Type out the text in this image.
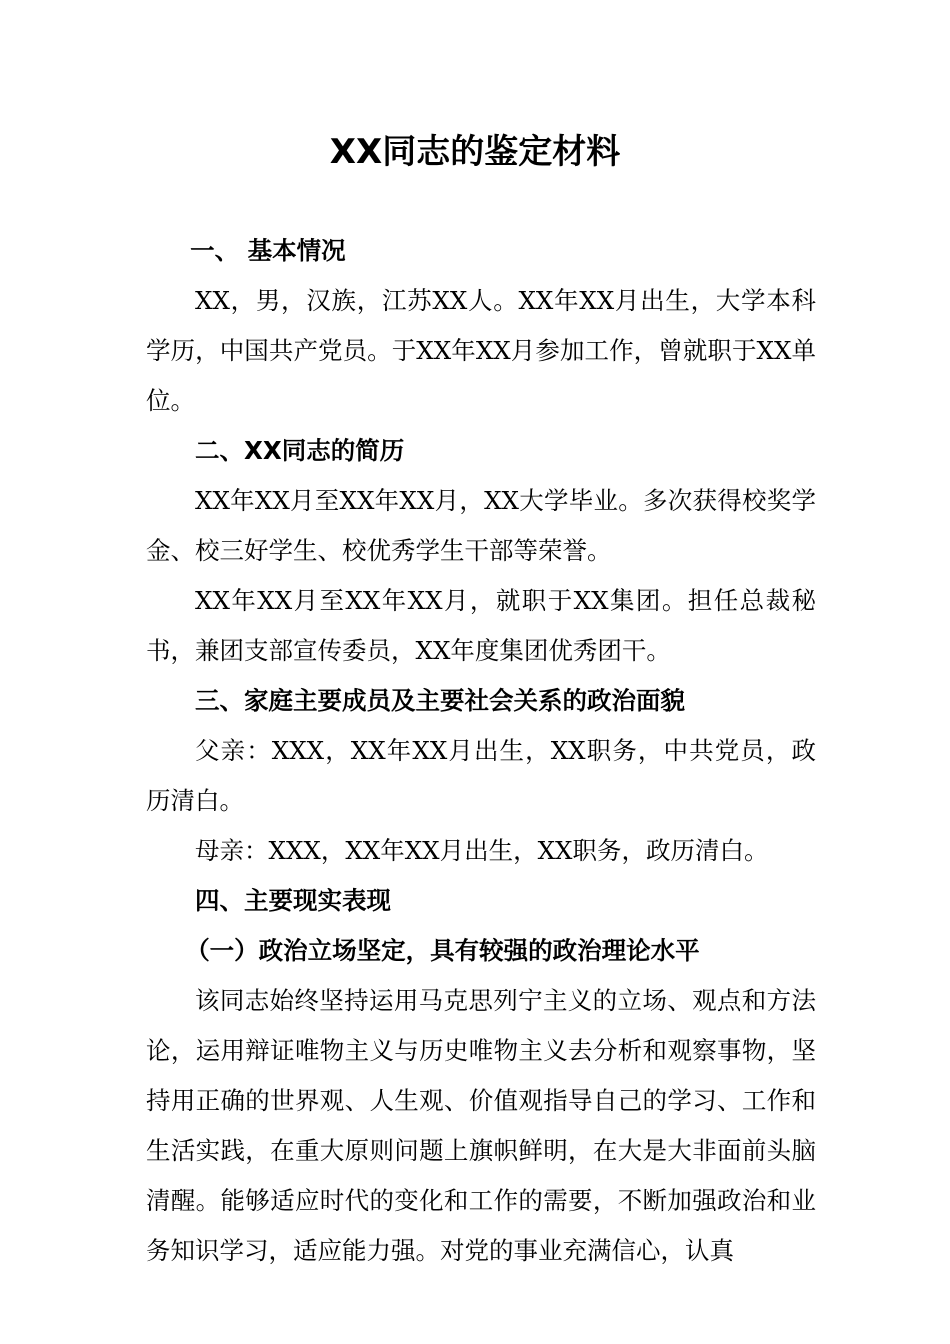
XX同志的鉴定材料
一、 基本情况

XX，男，汉族，江苏XX人。XX年XX月出生，大学本科学历，中国共产党员。于XX年XX月参加工作，曾就职于XX单位。

二、XX同志的简历

XX年XX月至XX年XX月，XX大学毕业。多次获得校奖学金、校三好学生、校优秀学生干部等荣誉。

XX年XX月至XX年XX月，就职于XX集团。担任总裁秘书，兼团支部宣传委员，XX年度集团优秀团干。

三、家庭主要成员及主要社会关系的政治面貌

父亲：XXX，XX年XX月出生，XX职务，中共党员，政历清白。

母亲：XXX，XX年XX月出生，XX职务，政历清白。

四、主要现实表现
（一）政治立场坚定，具有较强的政治理论水平

该同志始终坚持运用马克思列宁主义的立场、观点和方法论，运用辩证唯物主义与历史唯物主义去分析和观察事物，坚持用正确的世界观、人生观、价值观指导自己的学习、工作和生活实践，在重大原则问题上旗帜鲜明，在大是大非面前头脑清醒。能够适应时代的变化和工作的需要，不断加强政治和业务知识学习，适应能力强。对党的事业充满信心，认真
